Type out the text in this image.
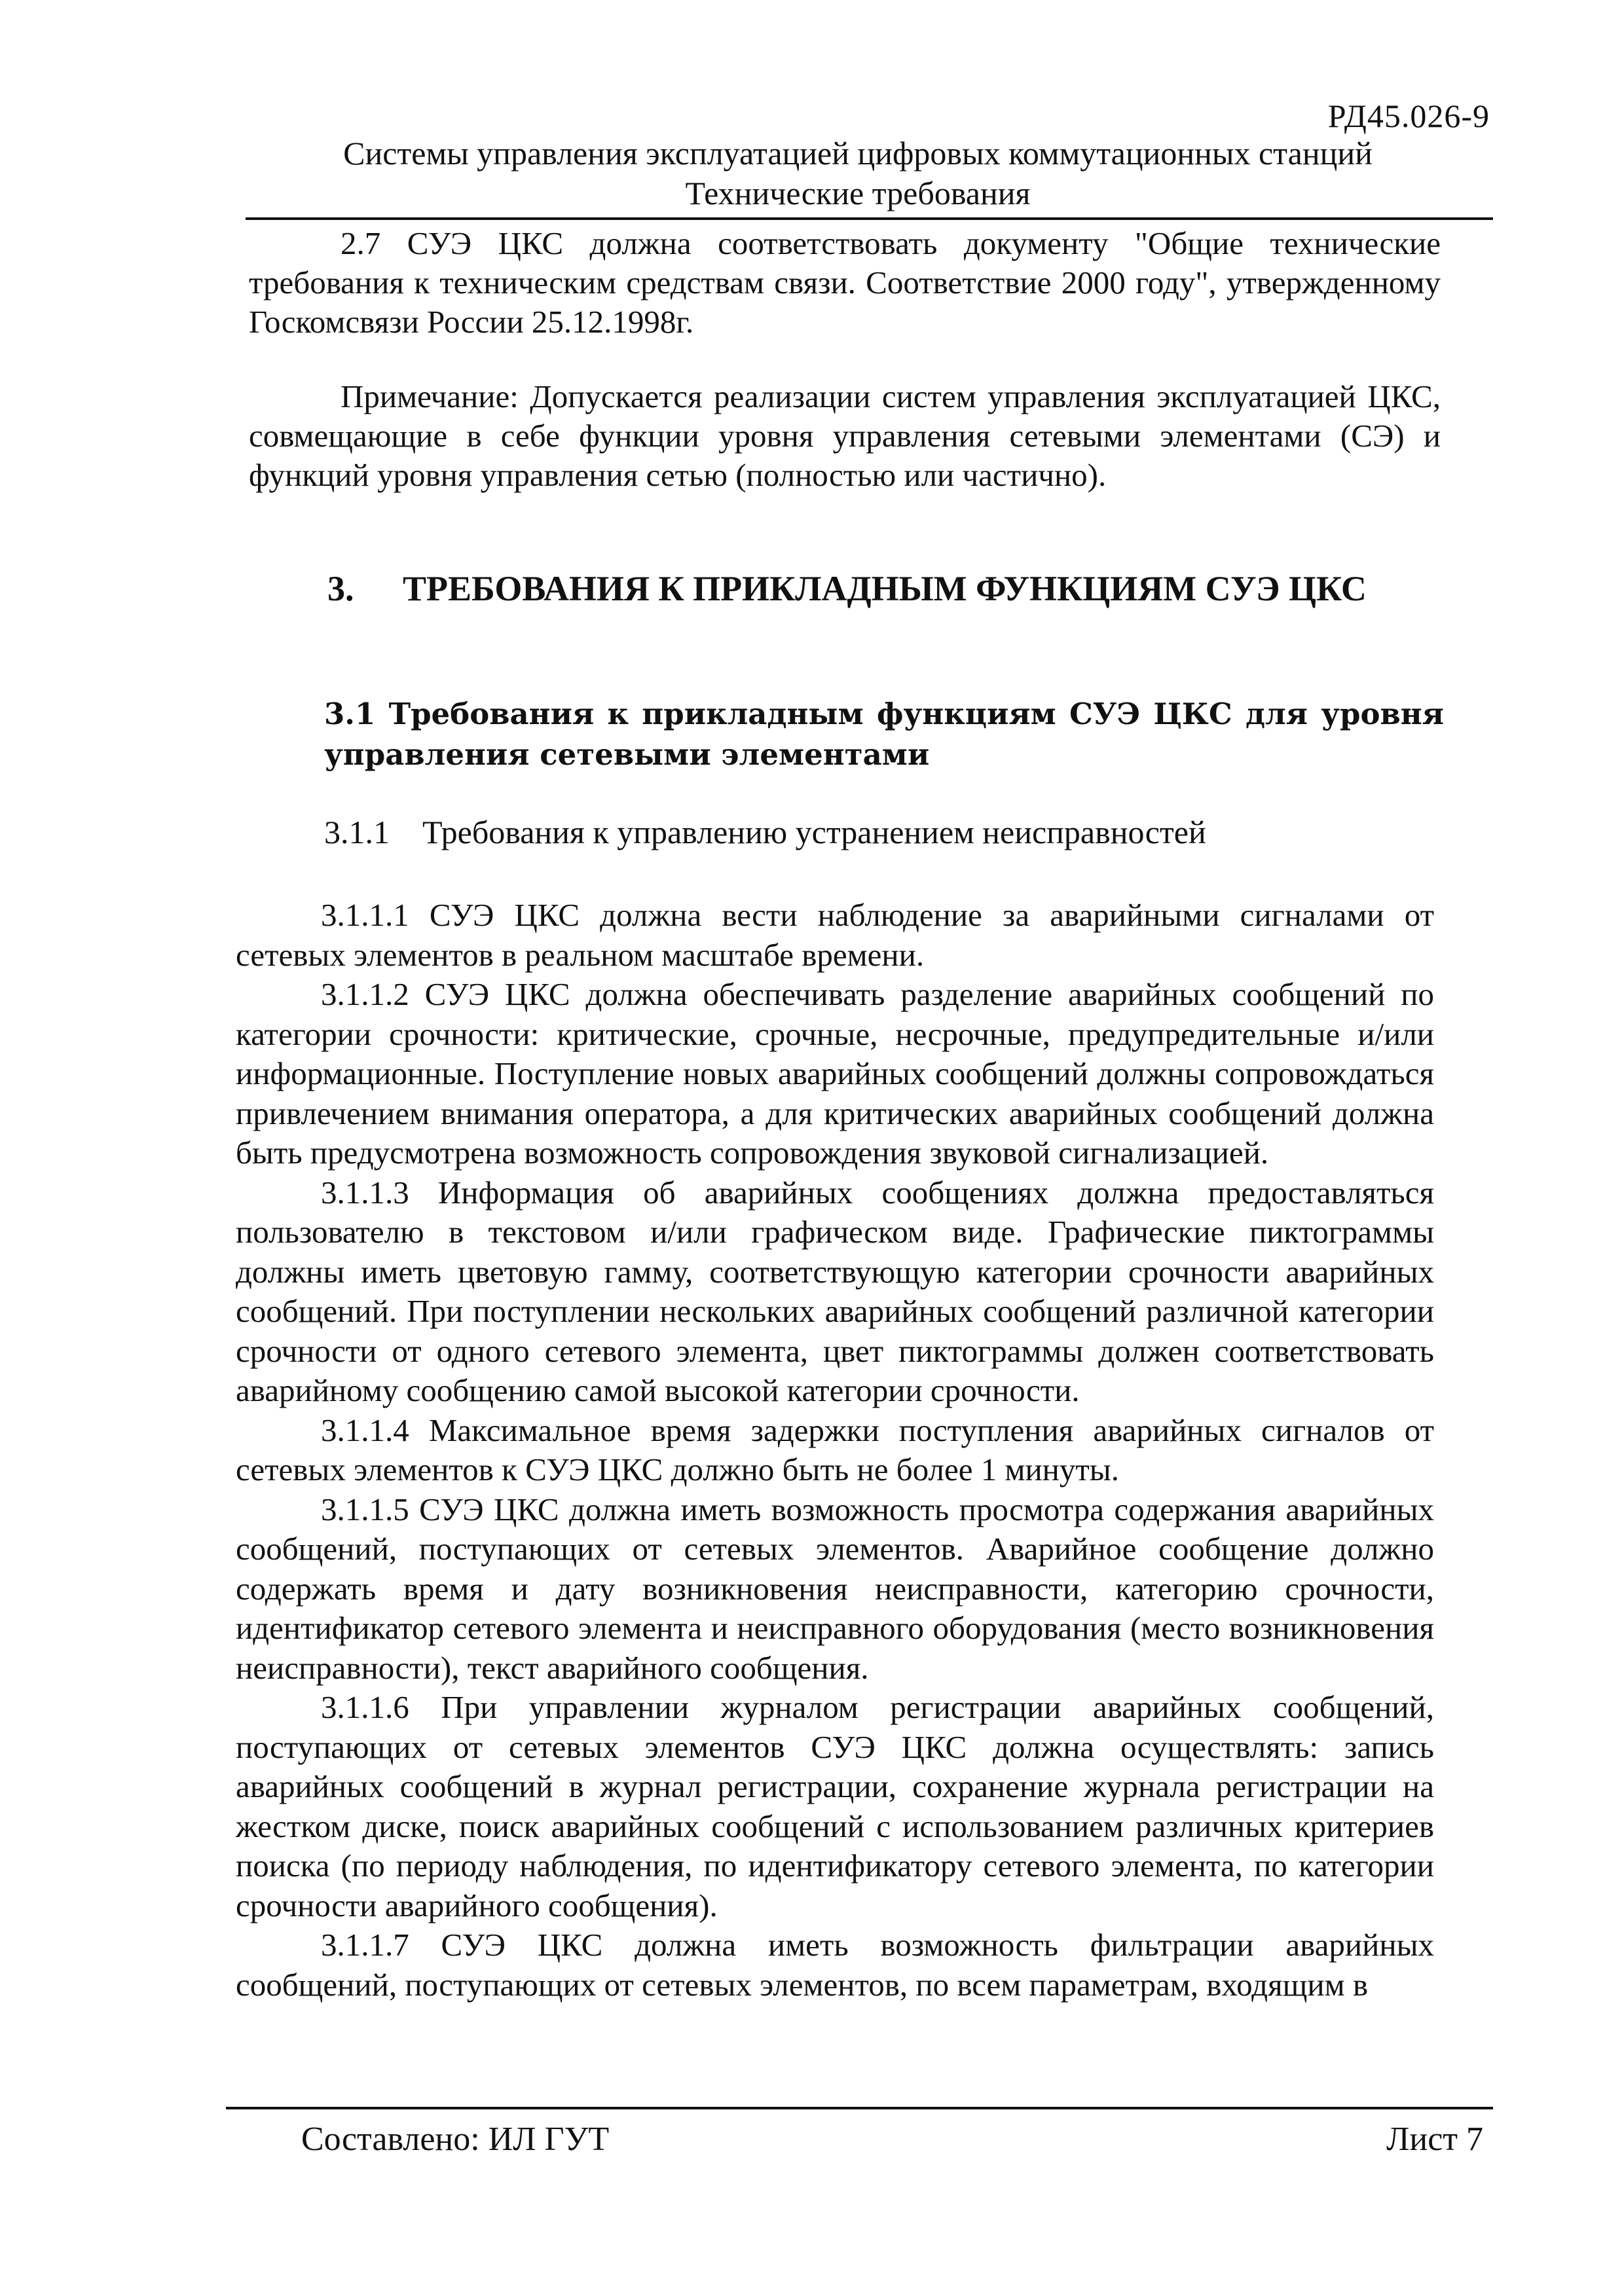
РД45.026-9
Системы управления эксплуатацией цифровых коммутационных станций
Технические требования
2.7 СУЭ ЦКС должна соответствовать документу "Общие технические требования к техническим средствам связи. Соответствие 2000 году", утвержденному Госкомсвязи России 25.12.1998г.
Примечание: Допускается реализации систем управления эксплуатацией ЦКС, совмещающие в себе функции уровня управления сетевыми элементами (СЭ) и функций уровня управления сетью (полностью или частично).
3. ТРЕБОВАНИЯ К ПРИКЛАДНЫМ ФУНКЦИЯМ СУЭ ЦКС
3.1 Требования к прикладным функциям СУЭ ЦКС для уровня управления сетевыми элементами
3.1.1 Требования к управлению устранением неисправностей

3.1.1.1 СУЭ ЦКС должна вести наблюдение за аварийными сигналами от сетевых элементов в реальном масштабе времени.

3.1.1.2 СУЭ ЦКС должна обеспечивать разделение аварийных сообщений по категории срочности: критические, срочные, несрочные, предупредительные и/или информационные. Поступление новых аварийных сообщений должны сопровождаться привлечением внимания оператора, а для критических аварийных сообщений должна быть предусмотрена возможность сопровождения звуковой сигнализацией.

3.1.1.3 Информация об аварийных сообщениях должна предоставляться пользователю в текстовом и/или графическом виде. Графические пиктограммы должны иметь цветовую гамму, соответствующую категории срочности аварийных сообщений. При поступлении нескольких аварийных сообщений различной категории срочности от одного сетевого элемента, цвет пиктограммы должен соответствовать аварийному сообщению самой высокой категории срочности.

3.1.1.4 Максимальное время задержки поступления аварийных сигналов от сетевых элементов к СУЭ ЦКС должно быть не более 1 минуты.

3.1.1.5 СУЭ ЦКС должна иметь возможность просмотра содержания аварийных сообщений, поступающих от сетевых элементов. Аварийное сообщение должно содержать время и дату возникновения неисправности, категорию срочности, идентификатор сетевого элемента и неисправного оборудования (место возникновения неисправности), текст аварийного сообщения.

3.1.1.6 При управлении журналом регистрации аварийных сообщений, поступающих от сетевых элементов СУЭ ЦКС должна осуществлять: запись аварийных сообщений в журнал регистрации, сохранение журнала регистрации на жестком диске, поиск аварийных сообщений с использованием различных критериев поиска (по периоду наблюдения, по идентификатору сетевого элемента, по категории срочности аварийного сообщения).

3.1.1.7 СУЭ ЦКС должна иметь возможность фильтрации аварийных сообщений, поступающих от сетевых элементов, по всем параметрам, входящим в

Составлено: ИЛ ГУТ	Лист 7
